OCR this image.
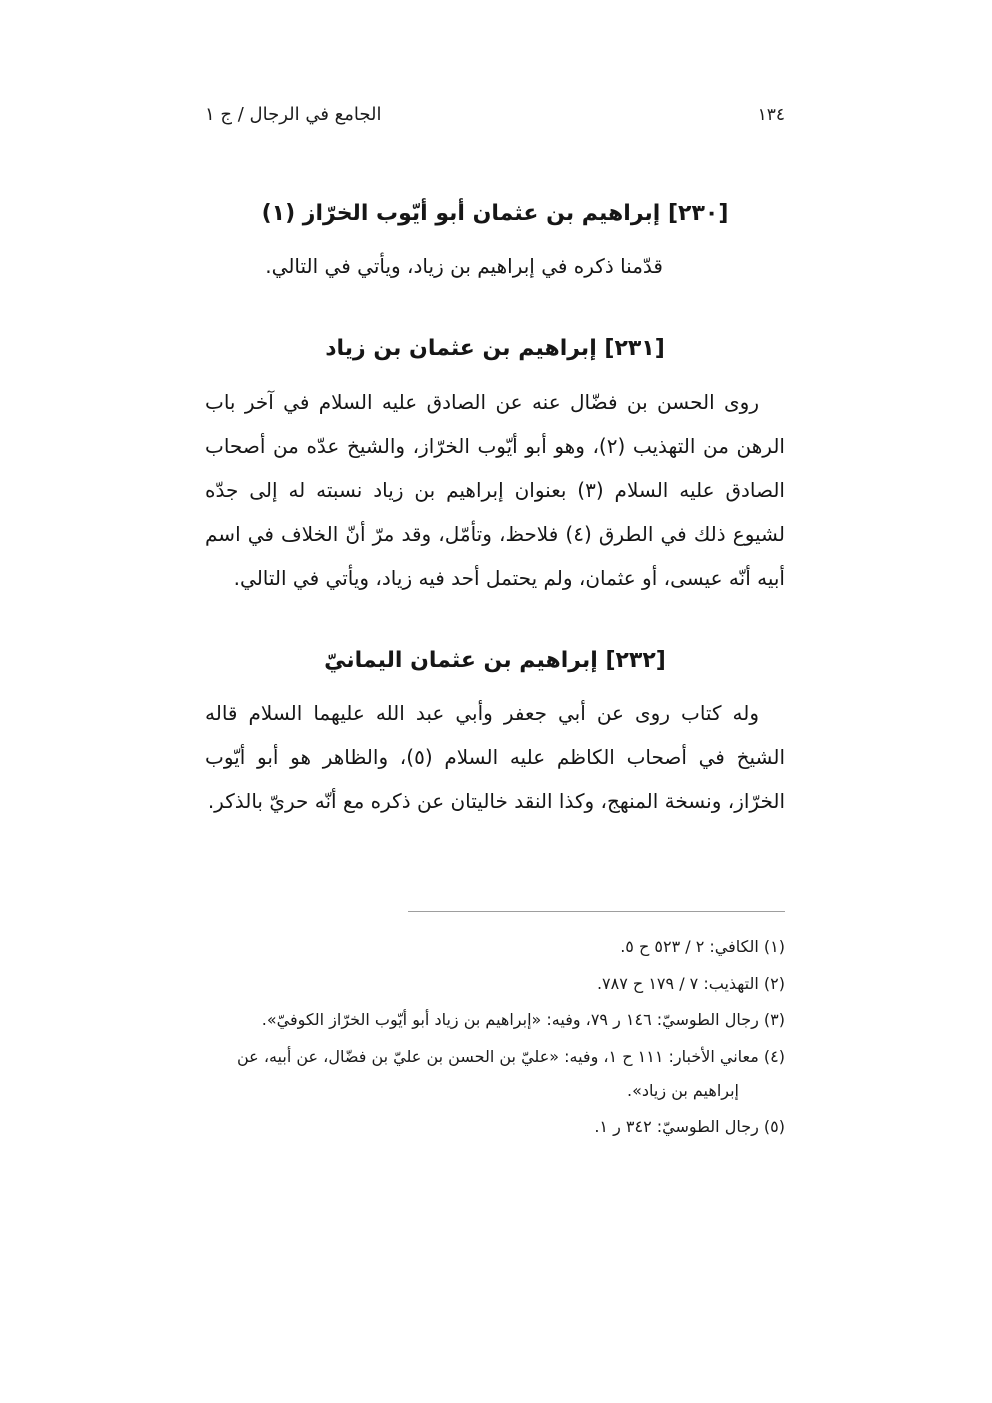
١٣٤
الجامع في الرجال / ج ١
[٢٣٠] إبراهيم بن عثمان أبو أيّوب الخرّاز (١)

قدّمنا ذكره في إبراهيم بن زياد، ويأتي في التالي.

[٢٣١] إبراهيم بن عثمان بن زياد

روى الحسن بن فضّال عنه عن الصادق عليه السلام في آخر باب الرهن من التهذيب (٢)، وهو أبو أيّوب الخرّاز، والشيخ عدّه من أصحاب الصادق عليه السلام (٣) بعنوان إبراهيم بن زياد نسبته له إلى جدّه لشيوع ذلك في الطرق (٤) فلاحظ، وتأمّل، وقد مرّ أنّ الخلاف في اسم أبيه أنّه عيسى، أو عثمان، ولم يحتمل أحد فيه زياد، ويأتي في التالي.

[٢٣٢] إبراهيم بن عثمان اليمانيّ

وله كتاب روى عن أبي جعفر وأبي عبد الله عليهما السلام قاله الشيخ في أصحاب الكاظم عليه السلام (٥)، والظاهر هو أبو أيّوب الخرّاز، ونسخة المنهج، وكذا النقد خاليتان عن ذكره مع أنّه حريّ بالذكر.

(١) الكافي: ٢ / ٥٢٣ ح ٥.

(٢) التهذيب: ٧ / ١٧٩ ح ٧٨٧.

(٣) رجال الطوسيّ: ١٤٦ ر ٧٩، وفيه: «إبراهيم بن زياد أبو أيّوب الخرّاز الكوفيّ».

(٤) معاني الأخبار: ١١١ ح ١، وفيه: «عليّ بن الحسن بن عليّ بن فضّال، عن أبيه، عن إبراهيم بن زياد».

(٥) رجال الطوسيّ: ٣٤٢ ر ١.
